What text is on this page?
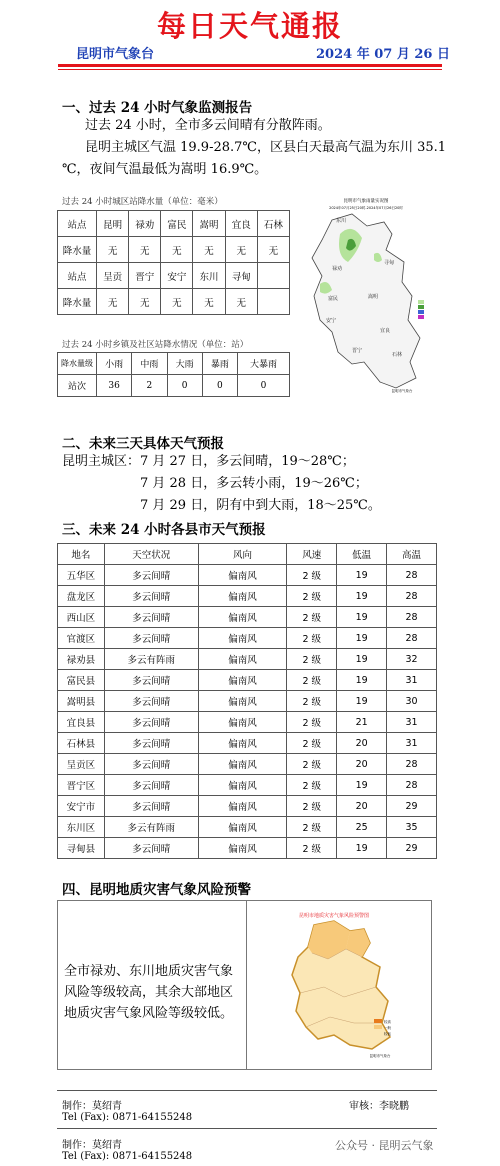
每日天气通报
昆明市气象台	2024 年 07 月 26 日
一、过去 24 小时气象监测报告
过去 24 小时，全市多云间晴有分散阵雨。
昆明主城区气温 19.9-28.7℃，区县白天最高气温为东川 35.1
℃，夜间气温最低为嵩明 16.9℃。
过去 24 小时城区站降水量（单位：毫米）
站点	昆明	禄劝	富民	嵩明	宜良	石林
降水量	无	无	无	无	无	无
站点	呈贡	晋宁	安宁	东川	寻甸	
降水量	无	无	无	无	无	
过去 24 小时乡镇及社区站降水情况（单位：站）
降水量级	小雨	中雨	大雨	暴雨	大暴雨
站次	36	2	0	0	0
昆明市气象雨量实况图
2024年07月25日20时-2024年07月26日20时
东川
禄劝
寻甸
嵩明
富民
石林
宜良
安宁
晋宁
昆明市气象台
二、未来三天具体天气预报
昆明主城区：7 月 27 日，多云间晴，19～28℃；
7 月 28 日，多云转小雨，19～26℃；
7 月 29 日，阴有中到大雨，18～25℃。
三、未来 24 小时各县市天气预报
地名	天空状况	风向	风速	低温	高温
五华区	多云间晴	偏南风	2 级	19	28
盘龙区	多云间晴	偏南风	2 级	19	28
西山区	多云间晴	偏南风	2 级	19	28
官渡区	多云间晴	偏南风	2 级	19	28
禄劝县	多云有阵雨	偏南风	2 级	19	32
富民县	多云间晴	偏南风	2 级	19	31
嵩明县	多云间晴	偏南风	2 级	19	30
宜良县	多云间晴	偏南风	2 级	21	31
石林县	多云间晴	偏南风	2 级	20	31
呈贡区	多云间晴	偏南风	2 级	20	28
晋宁区	多云间晴	偏南风	2 级	19	28
安宁市	多云间晴	偏南风	2 级	20	29
东川区	多云有阵雨	偏南风	2 级	25	35
寻甸县	多云间晴	偏南风	2 级	19	29
四、昆明地质灾害气象风险预警
全市禄劝、东川地质灾害气象风险等级较高，其余大部地区地质灾害气象风险等级较低。
昆明市地质灾害气象风险预警图
较高
一般
较低
昆明市气象台
制作：莫绍青	审核：李晓鹏
Tel (Fax): 0871-64155248
制作：莫绍青
Tel (Fax): 0871-64155248
公众号 · 昆明云气象
